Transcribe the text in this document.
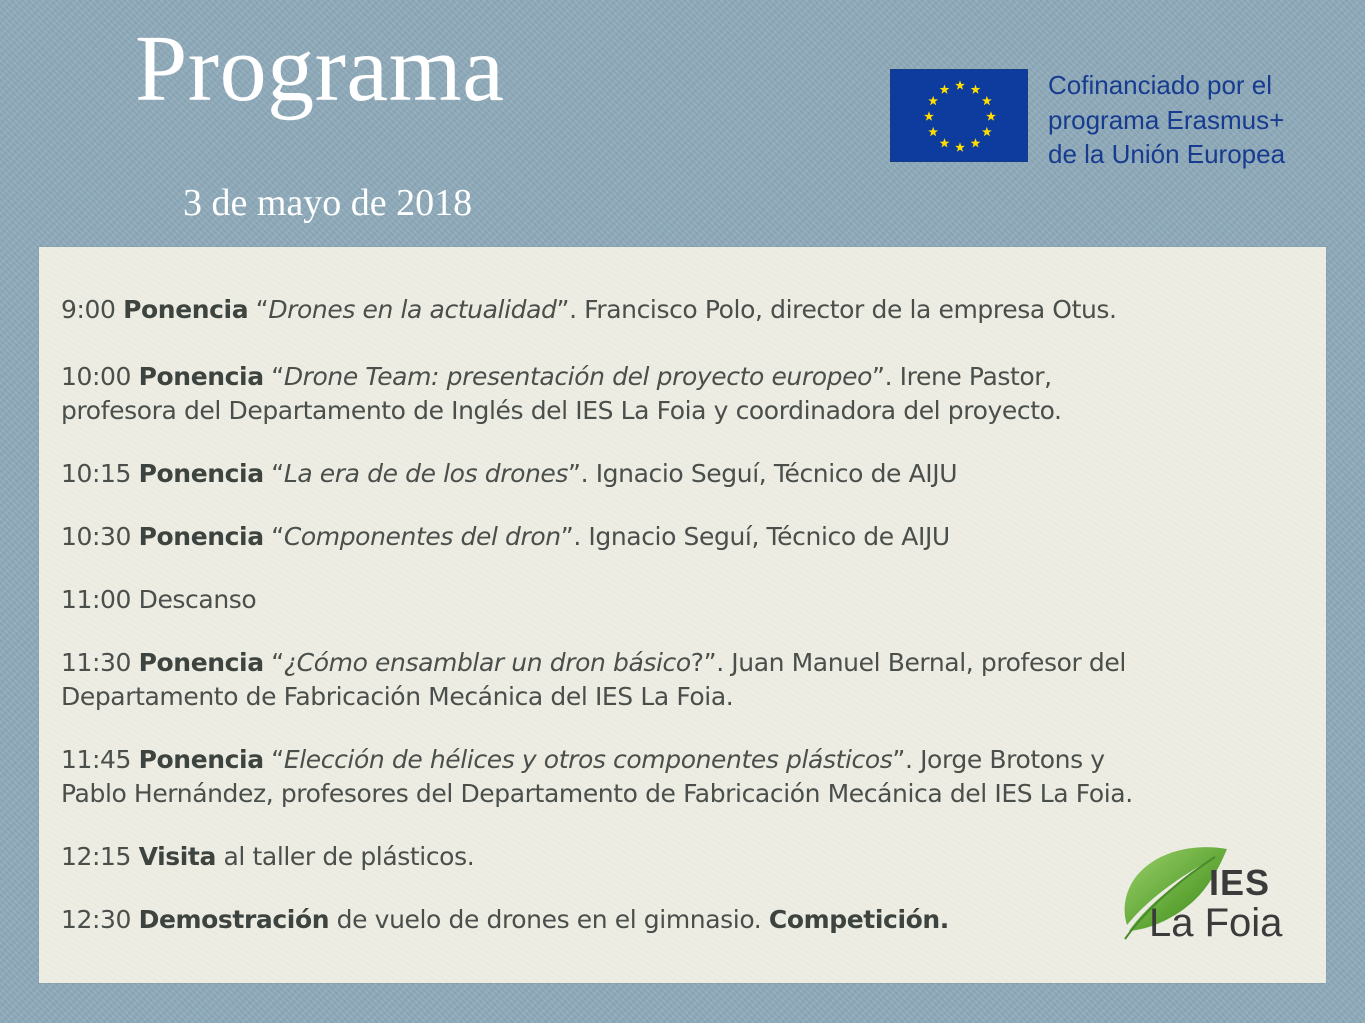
Programa
3 de mayo de 2018
Cofinanciado por el
programa Erasmus+
de la Unión Europea
9:00 Ponencia “Drones en la actualidad”. Francisco Polo, director de la empresa Otus.
10:00 Ponencia “Drone Team: presentación del proyecto europeo”. Irene Pastor,
profesora del Departamento de Inglés del IES La Foia y coordinadora del proyecto.
10:15 Ponencia “La era de de los drones”. Ignacio Seguí, Técnico de AIJU
10:30 Ponencia “Componentes del dron”. Ignacio Seguí, Técnico de AIJU
11:00 Descanso
11:30 Ponencia “¿Cómo ensamblar un dron básico?”. Juan Manuel Bernal, profesor del
Departamento de Fabricación Mecánica del IES La Foia.
11:45 Ponencia “Elección de hélices y otros componentes plásticos”. Jorge Brotons y
Pablo Hernández, profesores del Departamento de Fabricación Mecánica del IES La Foia.
12:15 Visita al taller de plásticos.
12:30 Demostración de vuelo de drones en el gimnasio. Competición.
IES
La Foia
